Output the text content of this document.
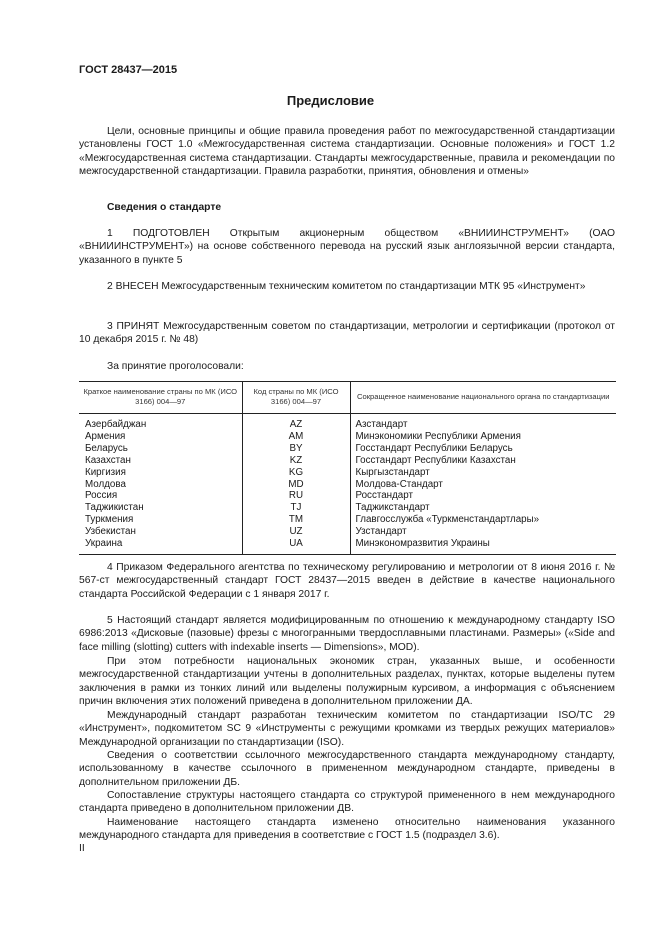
ГОСТ 28437—2015
Предисловие

Цели, основные принципы и общие правила проведения работ по межгосударственной стандартизации установлены ГОСТ 1.0 «Межгосударственная система стандартизации. Основные положения» и ГОСТ 1.2 «Межгосударственная система стандартизации. Стандарты межгосударственные, правила и рекомендации по межгосударственной стандартизации. Правила разработки, принятия, обновления и отмены»

Сведения о стандарте

1 ПОДГОТОВЛЕН Открытым акционерным обществом «ВНИИИНСТРУМЕНТ» (ОАО «ВНИИИНСТРУМЕНТ») на основе собственного перевода на русский язык англоязычной версии стандарта, указанного в пункте 5

2 ВНЕСЕН Межгосударственным техническим комитетом по стандартизации МТК 95 «Инструмент»

3 ПРИНЯТ Межгосударственным советом по стандартизации, метрологии и сертификации (протокол от 10 декабря 2015 г. № 48)

За принятие проголосовали:
Краткое наименование страны по МК (ИСО 3166) 004—97	Код страны по МК (ИСО 3166) 004—97	Сокращенное наименование национального органа по стандартизации
Азербайджан	AZ	Азстандарт
Армения	AM	Минэкономики Республики Армения
Беларусь	BY	Госстандарт Республики Беларусь
Казахстан	KZ	Госстандарт Республики Казахстан
Киргизия	KG	Кыргызстандарт
Молдова	MD	Молдова-Стандарт
Россия	RU	Росстандарт
Таджикистан	TJ	Таджикстандарт
Туркмения	TM	Главгосслужба «Туркменстандартлары»
Узбекистан	UZ	Узстандарт
Украина	UA	Минэкономразвития Украины

4 Приказом Федерального агентства по техническому регулированию и метрологии от 8 июня 2016 г. № 567-ст межгосударственный стандарт ГОСТ 28437—2015 введен в действие в качестве национального стандарта Российской Федерации с 1 января 2017 г.

5 Настоящий стандарт является модифицированным по отношению к международному стандарту ISO 6986:2013 «Дисковые (пазовые) фрезы с многогранными твердосплавными пластинами. Размеры» («Side and face milling (slotting) cutters with indexable inserts — Dimensions», MOD).

При этом потребности национальных экономик стран, указанных выше, и особенности межгосударственной стандартизации учтены в дополнительных разделах, пунктах, которые выделены путем заключения в рамки из тонких линий или выделены полужирным курсивом, а информация с объяснением причин включения этих положений приведена в дополнительном приложении ДА.

Международный стандарт разработан техническим комитетом по стандартизации ISO/TC 29 «Инструмент», подкомитетом SC 9 «Инструменты с режущими кромками из твердых режущих материалов» Международной организации по стандартизации (ISO).

Сведения о соответствии ссылочного межгосударственного стандарта международному стандарту, использованному в качестве ссылочного в примененном международном стандарте, приведены в дополнительном приложении ДБ.

Сопоставление структуры настоящего стандарта со структурой примененного в нем международного стандарта приведено в дополнительном приложении ДВ.

Наименование настоящего стандарта изменено относительно наименования указанного международного стандарта для приведения в соответствие с ГОСТ 1.5 (подраздел 3.6).

II
